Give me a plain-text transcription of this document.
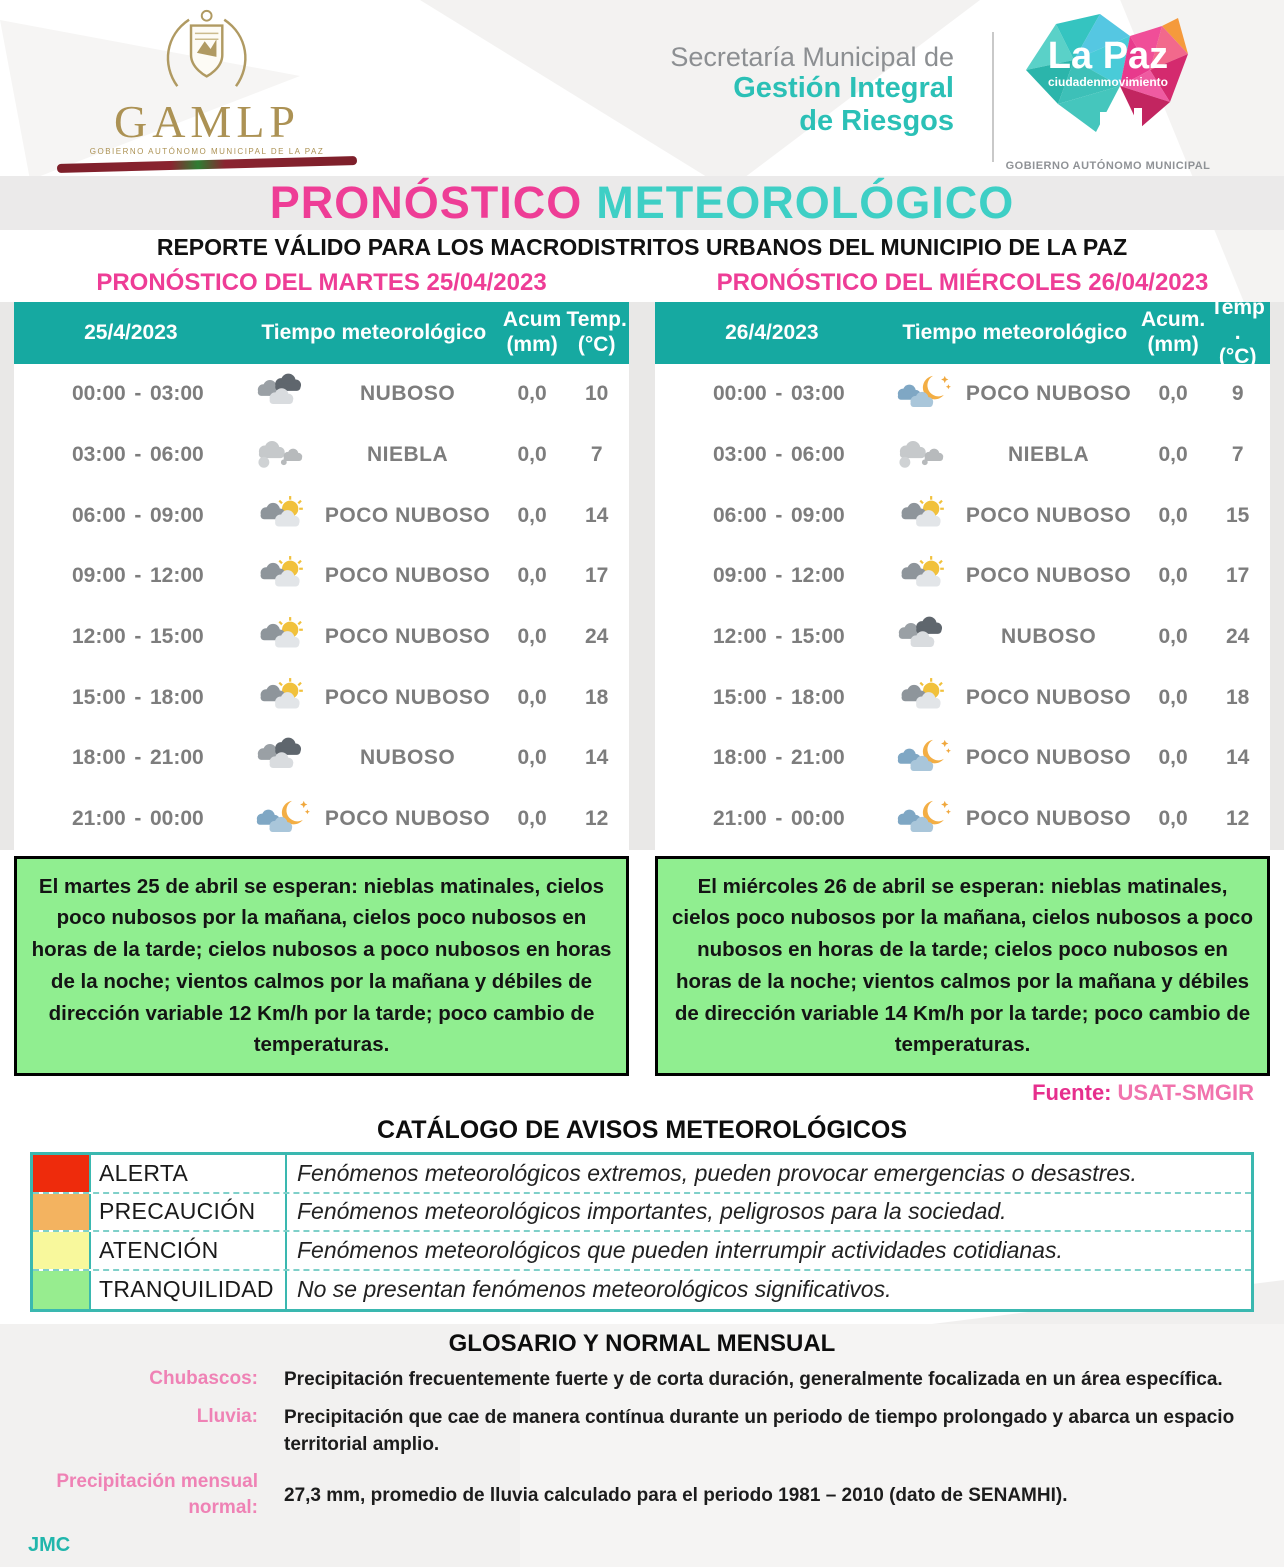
GAMLP
GOBIERNO AUTÓNOMO MUNICIPAL DE LA PAZ
Secretaría Municipal de
Gestión Integral
de Riesgos
La Paz
ciudadenmovimiento
GOBIERNO AUTÓNOMO MUNICIPAL
PRONÓSTICO METEOROLÓGICO
REPORTE VÁLIDO PARA LOS MACRODISTRITOS URBANOS DEL MUNICIPIO DE LA PAZ
PRONÓSTICO DEL MARTES 25/04/2023	PRONÓSTICO DEL MIÉRCOLES 26/04/2023
25/4/2023	Tiempo meteorológico
Acum
(mm)
Temp.
(°C)
00:00 - 03:00	NUBOSO	0,0	10
03:00 - 06:00	NIEBLA	0,0	7
06:00 - 09:00	POCO NUBOSO	0,0	14
09:00 - 12:00	POCO NUBOSO	0,0	17
12:00 - 15:00	POCO NUBOSO	0,0	24
15:00 - 18:00	POCO NUBOSO	0,0	18
18:00 - 21:00	NUBOSO	0,0	14
21:00 - 00:00	POCO NUBOSO	0,0	12
26/4/2023	Tiempo meteorológico
Acum.
(mm)
Temp .
(°C)
00:00 - 03:00	POCO NUBOSO	0,0	9
03:00 - 06:00	NIEBLA	0,0	7
06:00 - 09:00	POCO NUBOSO	0,0	15
09:00 - 12:00	POCO NUBOSO	0,0	17
12:00 - 15:00	NUBOSO	0,0	24
15:00 - 18:00	POCO NUBOSO	0,0	18
18:00 - 21:00	POCO NUBOSO	0,0	14
21:00 - 00:00	POCO NUBOSO	0,0	12
El martes 25 de abril se esperan: nieblas matinales, cielos poco nubosos por la mañana, cielos poco nubosos en horas de la tarde; cielos nubosos a poco nubosos en horas de la noche; vientos calmos por la mañana y débiles de dirección variable 12 Km/h por la tarde; poco cambio de temperaturas.
El miércoles 26 de abril se esperan: nieblas matinales, cielos poco nubosos por la mañana, cielos nubosos a poco nubosos en horas de la tarde; cielos poco nubosos en horas de la noche; vientos calmos por la mañana y débiles de dirección variable 14 Km/h por la tarde; poco cambio de temperaturas.
Fuente: USAT-SMGIR
CATÁLOGO DE AVISOS METEOROLÓGICOS
ALERTA	Fenómenos meteorológicos extremos, pueden provocar emergencias o desastres.
PRECAUCIÓN	Fenómenos meteorológicos importantes, peligrosos para la sociedad.
ATENCIÓN	Fenómenos meteorológicos que pueden interrumpir actividades cotidianas.
TRANQUILIDAD	No se presentan fenómenos meteorológicos significativos.
GLOSARIO Y NORMAL MENSUAL
Chubascos: Precipitación frecuentemente fuerte y de corta duración, generalmente focalizada en un área específica.
Lluvia: Precipitación que cae de manera contínua durante un periodo de tiempo prolongado y abarca un espacio territorial amplio.
Precipitación mensual normal:
27,3 mm, promedio de lluvia calculado para el periodo 1981 – 2010 (dato de SENAMHI).
JMC
